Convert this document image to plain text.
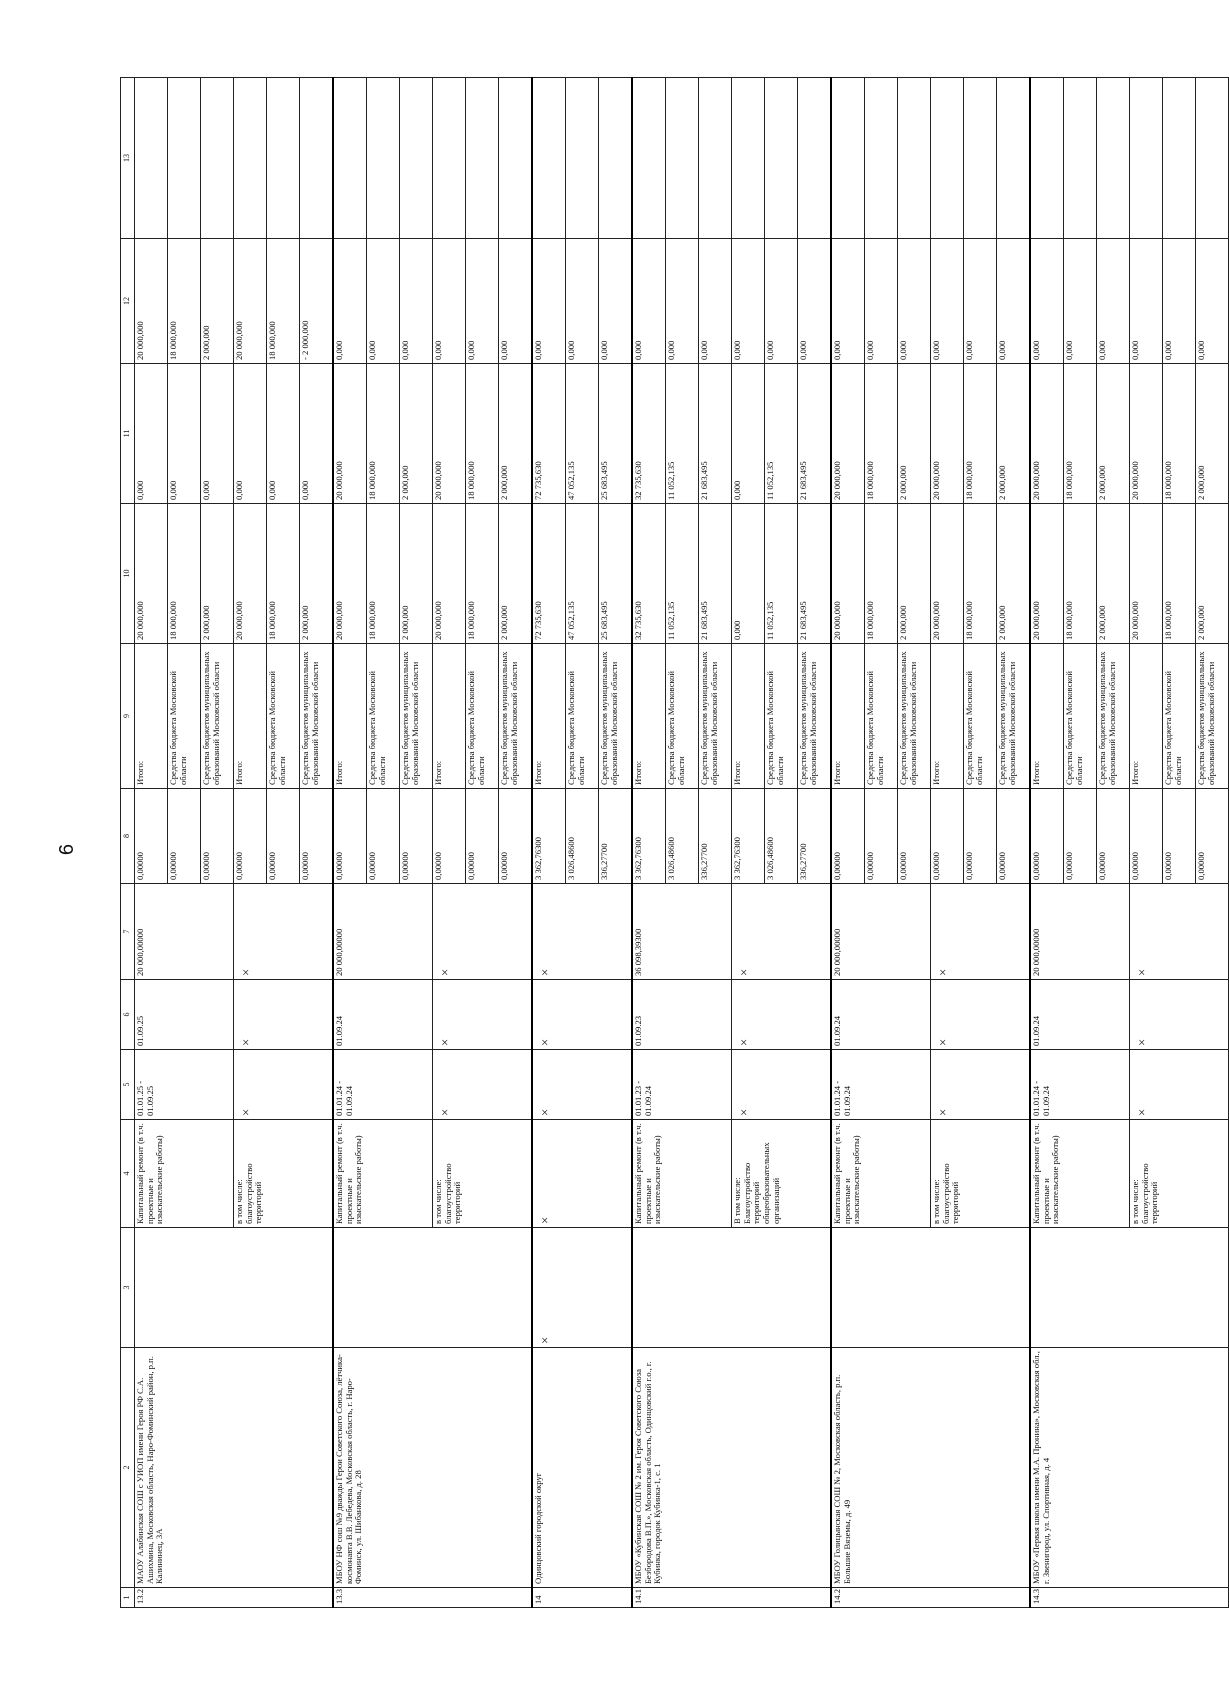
6
1	2	3	4	5	6	7	8	9	10	11	12	13
13.2	МАОУ Алабинская СОШ с УИОП имени Героя РФ С.А. Ашихмина, Московская область, Наро-Фоминский район, р.п. Калининец, 3А		Капитальный ремонт (в т.ч. проектные и изыскательские работы)	01.01.25 - 01.09.25	01.09.25	20 000,00000	0,00000	Итого:	20 000,000	0,000	20 000,000	
							0,00000	Средства бюджета Московской области	18 000,000	0,000	18 000,000	
							0,00000	Средства бюджетов муниципальных образований Московской области	2 000,000	0,000	2 000,000	
			в том числе: благоустройство территорий	×	×	×	0,00000	Итого:	20 000,000	0,000	20 000,000	
							0,00000	Средства бюджета Московской области	18 000,000	0,000	18 000,000	
							0,00000	Средства бюджетов муниципальных образований Московской области	2 000,000	0,000	- 2 000,000	
13.3	МБОУ НФ сош №9 дважды Герои Советского Союза, лётчика-космонавта В.В. Лебедева, Московская область, г. Наро-Фоминск, ул. Шибанкова, д. 28		Капитальный ремонт (в т.ч. проектные и изыскательские работы)	01.01.24 - 01.09.24	01.09.24	20 000,00000	0,00000	Итого:	20 000,000	20 000,000	0,000	
							0,00000	Средства бюджета Московской области	18 000,000	18 000,000	0,000	
							0,00000	Средства бюджетов муниципальных образований Московской области	2 000,000	2 000,000	0,000	
			в том числе: благоустройство территорий	×	×	×	0,00000	Итого:	20 000,000	20 000,000	0,000	
							0,00000	Средства бюджета Московской области	18 000,000	18 000,000	0,000	
							0,00000	Средства бюджетов муниципальных образований Московской области	2 000,000	2 000,000	0,000	
14	Одинцовский городской округ	×	×	×	×	×	3 362,76300	Итого:	72 735,630	72 735,630	0,000	
							3 026,48600	Средства бюджета Московской области	47 052,135	47 052,135	0,000	
							336,27700	Средства бюджетов муниципальных образований Московской области	25 683,495	25 683,495	0,000	
14.1	МБОУ «Кубинская СОШ № 2 им. Героя Советского Союза Безбородова В.П.», Московская область, Одинцовский г.о., г. Кубинка, городок Кубинка-1, с. 1		Капитальный ремонт (в т.ч. проектные и изыскательские работы)	01.01.23 - 01.09.24	01.09.23	36 098,39300	3 362,76300	Итого:	32 735,630	32 735,630	0,000	
							3 026,48600	Средства бюджета Московской области	11 052,135	11 052,135	0,000	
							336,27700	Средства бюджетов муниципальных образований Московской области	21 683,495	21 683,495	0,000	
			В том числе: Благоустройство территорий общеобразовательных организаций	×	×	×	3 362,76300	Итого:	0,000	0,000	0,000	
							3 026,48600	Средства бюджета Московской области	11 052,135	11 052,135	0,000	
							336,27700	Средства бюджетов муниципальных образований Московской области	21 683,495	21 683,495	0,000	
14.2	МБОУ Голицынская СОШ № 2, Московская область, р.п. Большие Вяземы, д. 49		Капитальный ремонт (в т.ч. проектные и изыскательские работы)	01.01.24 - 01.09.24	01.09.24	20 000,00000	0,00000	Итого:	20 000,000	20 000,000	0,000	
							0,00000	Средства бюджета Московской области	18 000,000	18 000,000	0,000	
							0,00000	Средства бюджетов муниципальных образований Московской области	2 000,000	2 000,000	0,000	
			в том числе: благоустройство территорий	×	×	×	0,00000	Итого:	20 000,000	20 000,000	0,000	
							0,00000	Средства бюджета Московской области	18 000,000	18 000,000	0,000	
							0,00000	Средства бюджетов муниципальных образований Московской области	2 000,000	2 000,000	0,000	
14.3	МБОУ «Первая школа имени М.А. Пронина», Московская обл., г. Звенигород, ул. Спортивная, д. 4		Капитальный ремонт (в т.ч. проектные и изыскательские работы)	01.01.24 - 01.09.24	01.09.24	20 000,00000	0,00000	Итого:	20 000,000	20 000,000	0,000	
							0,00000	Средства бюджета Московской области	18 000,000	18 000,000	0,000	
							0,00000	Средства бюджетов муниципальных образований Московской области	2 000,000	2 000,000	0,000	
			в том числе: благоустройство территорий	×	×	×	0,00000	Итого:	20 000,000	20 000,000	0,000	
							0,00000	Средства бюджета Московской области	18 000,000	18 000,000	0,000	
							0,00000	Средства бюджетов муниципальных образований Московской области	2 000,000	2 000,000	0,000	
